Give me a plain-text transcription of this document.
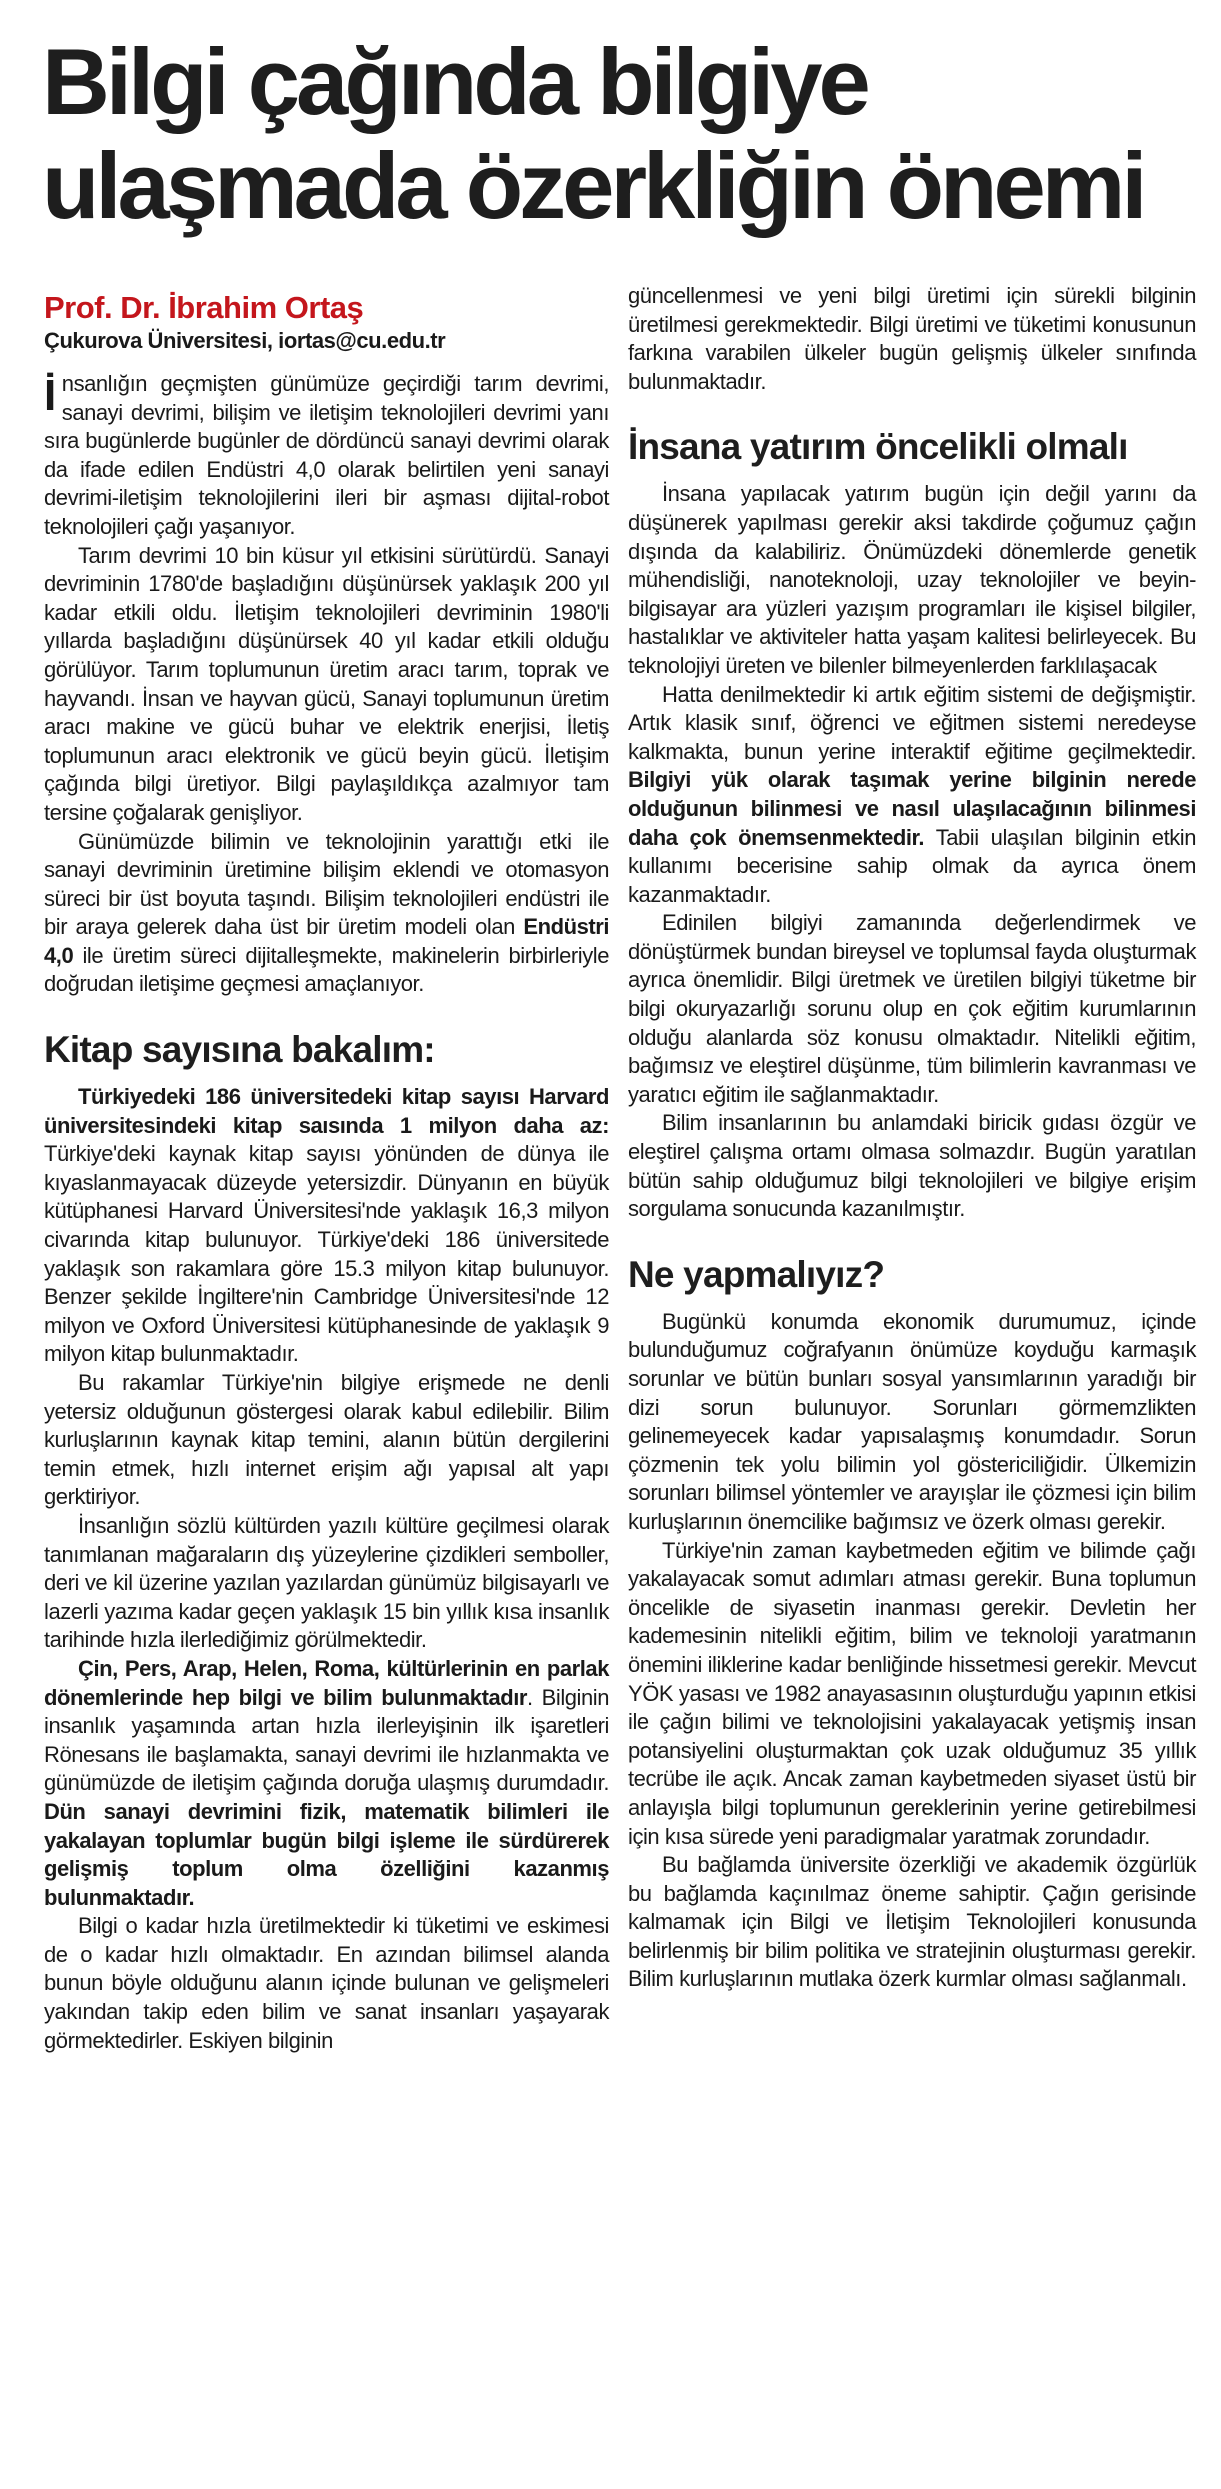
Bilgi çağında bilgiye
ulaşmada özerkliğin önemi
Prof. Dr. İbrahim Ortaş
Çukurova Üniversitesi, iortas@cu.edu.tr

İnsanlığın geçmişten günümüze geçirdiği tarım devrimi, sanayi devrimi, bilişim ve iletişim teknolojileri devrimi yanı sıra bugünlerde bugünler de dördüncü sanayi devrimi olarak da ifade edilen Endüstri 4,0 olarak belirtilen yeni sanayi devrimi-iletişim teknolojilerini ileri bir aşması dijital-robot teknolojileri çağı yaşanıyor.

Tarım devrimi 10 bin küsur yıl etkisini sürütürdü. Sanayi devriminin 1780'de başladığını düşünürsek yaklaşık 200 yıl kadar etkili oldu. İletişim teknolojileri devriminin 1980'li yıllarda başladığını düşünürsek 40 yıl kadar etkili olduğu görülüyor. Tarım toplumunun üretim aracı tarım, toprak ve hayvandı. İnsan ve hayvan gücü, Sanayi toplumunun üretim aracı makine ve gücü buhar ve elektrik enerjisi, İletiş toplumunun aracı elektronik ve gücü beyin gücü. İletişim çağında bilgi üretiyor. Bilgi paylaşıldıkça azalmıyor tam tersine çoğalarak genişliyor.

Günümüzde bilimin ve teknolojinin yarattığı etki ile sanayi devriminin üretimine bilişim eklendi ve otomasyon süreci bir üst boyuta taşındı. Bilişim teknolojileri endüstri ile bir araya gelerek daha üst bir üretim modeli olan Endüstri 4,0 ile üretim süreci dijitalleşmekte, makinelerin birbirleriyle doğrudan iletişime geçmesi amaçlanıyor.

Kitap sayısına bakalım:

Türkiyedeki 186 üniversitedeki kitap sayısı Harvard üniversitesindeki kitap saısında 1 milyon daha az: Türkiye'deki kaynak kitap sayısı yönünden de dünya ile kıyaslanmayacak düzeyde yetersizdir. Dünyanın en büyük kütüphanesi Harvard Üniversitesi'nde yaklaşık 16,3 milyon civarında kitap bulunuyor. Türkiye'deki 186 üniversitede yaklaşık son rakamlara göre 15.3 milyon kitap bulunuyor. Benzer şekilde İngiltere'nin Cambridge Üniversitesi'nde 12 milyon ve Oxford Üniversitesi kütüphanesinde de yaklaşık 9 milyon kitap bulunmaktadır.

Bu rakamlar Türkiye'nin bilgiye erişmede ne denli yetersiz olduğunun göstergesi olarak kabul edilebilir. Bilim kurluşlarının kaynak kitap temini, alanın bütün dergilerini temin etmek, hızlı internet erişim ağı yapısal alt yapı gerktiriyor.

İnsanlığın sözlü kültürden yazılı kültüre geçilmesi olarak tanımlanan mağaraların dış yüzeylerine çizdikleri semboller, deri ve kil üzerine yazılan yazılardan günümüz bilgisayarlı ve lazerli yazıma kadar geçen yaklaşık 15 bin yıllık kısa insanlık tarihinde hızla ilerlediğimiz görülmektedir.

Çin, Pers, Arap, Helen, Roma, kültürlerinin en parlak dönemlerinde hep bilgi ve bilim bulunmaktadır. Bilginin insanlık yaşamında artan hızla ilerleyişinin ilk işaretleri Rönesans ile başlamakta, sanayi devrimi ile hızlanmakta ve günümüzde de iletişim çağında doruğa ulaşmış durumdadır. Dün sanayi devrimini fizik, matematik bilimleri ile yakalayan toplumlar bugün bilgi işleme ile sürdürerek gelişmiş toplum olma özelliğini kazanmış bulunmaktadır.

Bilgi o kadar hızla üretilmektedir ki tüketimi ve eskimesi de o kadar hızlı olmaktadır. En azından bilimsel alanda bunun böyle olduğunu alanın içinde bulunan ve gelişmeleri yakından takip eden bilim ve sanat insanları yaşayarak görmektedirler. Eskiyen bilginin

güncellenmesi ve yeni bilgi üretimi için sürekli bilginin üretilmesi gerekmektedir. Bilgi üretimi ve tüketimi konusunun farkına varabilen ülkeler bugün gelişmiş ülkeler sınıfında bulunmaktadır.

İnsana yatırım öncelikli olmalı

İnsana yapılacak yatırım bugün için değil yarını da düşünerek yapılması gerekir aksi takdirde çoğumuz çağın dışında da kalabiliriz. Önümüzdeki dönemlerde genetik mühendisliği, nanoteknoloji, uzay teknolojiler ve beyin-bilgisayar ara yüzleri yazışım programları ile kişisel bilgiler, hastalıklar ve aktiviteler hatta yaşam kalitesi belirleyecek. Bu teknolojiyi üreten ve bilenler bilmeyenlerden farklılaşacak

Hatta denilmektedir ki artık eğitim sistemi de değişmiştir. Artık klasik sınıf, öğrenci ve eğitmen sistemi neredeyse kalkmakta, bunun yerine interaktif eğitime geçilmektedir. Bilgiyi yük olarak taşımak yerine bilginin nerede olduğunun bilinmesi ve nasıl ulaşılacağının bilinmesi daha çok önemsenmektedir. Tabii ulaşılan bilginin etkin kullanımı becerisine sahip olmak da ayrıca önem kazanmaktadır.

Edinilen bilgiyi zamanında değerlendirmek ve dönüştürmek bundan bireysel ve toplumsal fayda oluşturmak ayrıca önemlidir. Bilgi üretmek ve üretilen bilgiyi tüketme bir bilgi okuryazarlığı sorunu olup en çok eğitim kurumlarının olduğu alanlarda söz konusu olmaktadır. Nitelikli eğitim, bağımsız ve eleştirel düşünme, tüm bilimlerin kavranması ve yaratıcı eğitim ile sağlanmaktadır.

Bilim insanlarının bu anlamdaki biricik gıdası özgür ve eleştirel çalışma ortamı olmasa solmazdır. Bugün yaratılan bütün sahip olduğumuz bilgi teknolojileri ve bilgiye erişim sorgulama sonucunda kazanılmıştır.

Ne yapmalıyız?

Bugünkü konumda ekonomik durumumuz, içinde bulunduğumuz coğrafyanın önümüze koyduğu karmaşık sorunlar ve bütün bunları sosyal yansımlarının yaradığı bir dizi sorun bulunuyor. Sorunları görmemzlikten gelinemeyecek kadar yapısalaşmış konumdadır. Sorun çözmenin tek yolu bilimin yol göstericiliğidir. Ülkemizin sorunları bilimsel yöntemler ve arayışlar ile çözmesi için bilim kurluşlarının önemcilike bağımsız ve özerk olması gerekir.

Türkiye'nin zaman kaybetmeden eğitim ve bilimde çağı yakalayacak somut adımları atması gerekir. Buna toplumun öncelikle de siyasetin inanması gerekir. Devletin her kademesinin nitelikli eğitim, bilim ve teknoloji yaratmanın önemini iliklerine kadar benliğinde hissetmesi gerekir. Mevcut YÖK yasası ve 1982 anayasasının oluşturduğu yapının etkisi ile çağın bilimi ve teknolojisini yakalayacak yetişmiş insan potansiyelini oluşturmaktan çok uzak olduğumuz 35 yıllık tecrübe ile açık. Ancak zaman kaybetmeden siyaset üstü bir anlayışla bilgi toplumunun gereklerinin yerine getirebilmesi için kısa sürede yeni paradigmalar yaratmak zorundadır.

Bu bağlamda üniversite özerkliği ve akademik özgürlük bu bağlamda kaçınılmaz öneme sahiptir. Çağın gerisinde kalmamak için Bilgi ve İletişim Teknolojileri konusunda belirlenmiş bir bilim politika ve stratejinin oluşturması gerekir. Bilim kurluşlarının mutlaka özerk kurmlar olması sağlanmalı.
